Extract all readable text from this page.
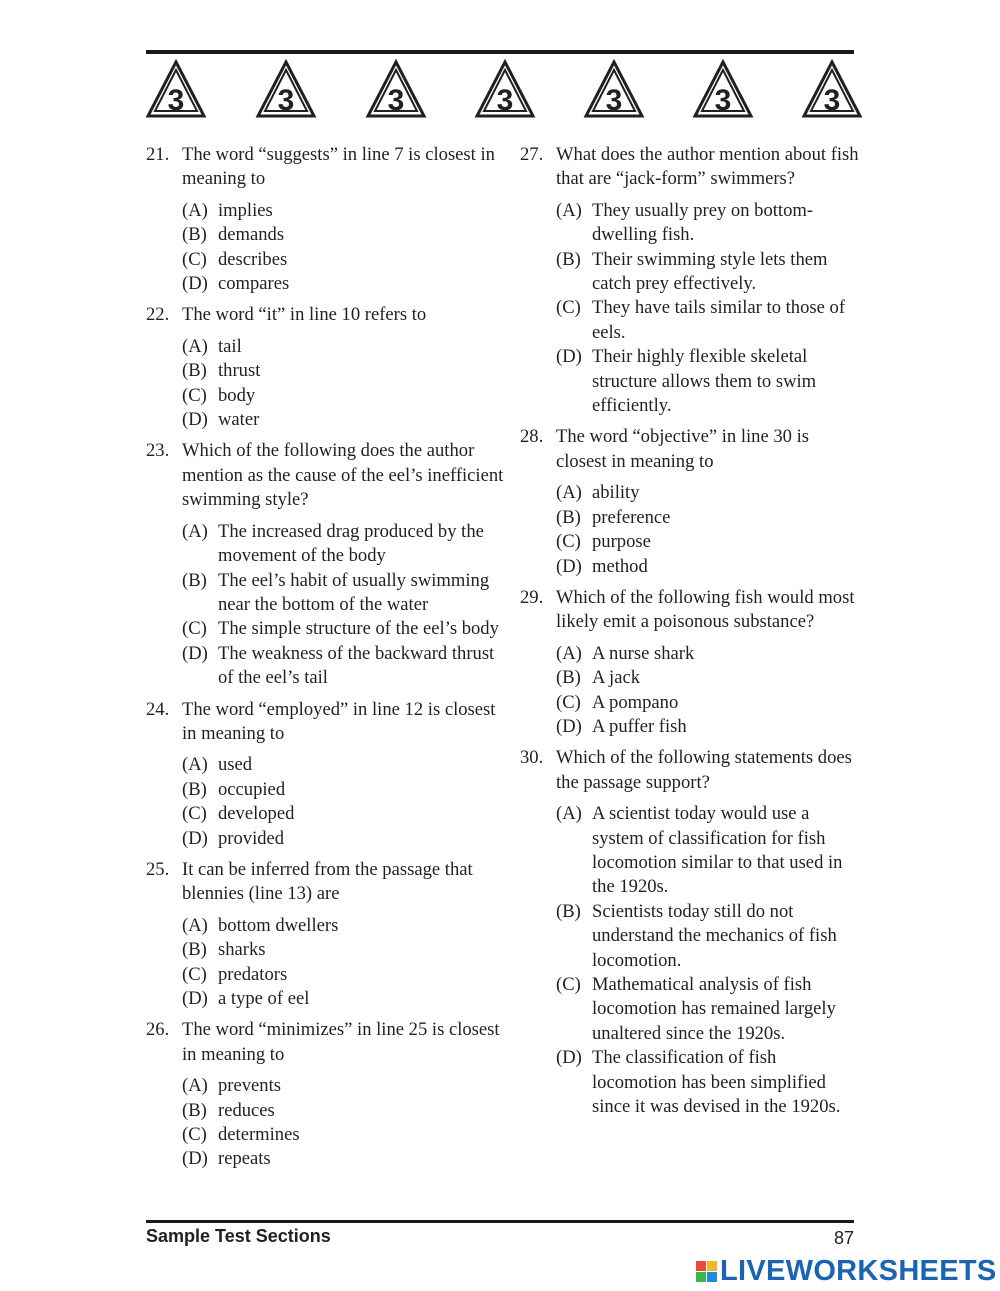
3	3	3	3	3	3	3
21. The word “suggests” in line 7 is closest in meaning to
(A) implies
(B) demands
(C) describes
(D) compares
22. The word “it” in line 10 refers to
(A) tail
(B) thrust
(C) body
(D) water
23. Which of the following does the author mention as the cause of the eel’s inefficient swimming style?
(A) The increased drag produced by the movement of the body
(B) The eel’s habit of usually swimming near the bottom of the water
(C) The simple structure of the eel’s body
(D) The weakness of the backward thrust of the eel’s tail
24. The word “employed” in line 12 is closest in meaning to
(A) used
(B) occupied
(C) developed
(D) provided
25. It can be inferred from the passage that blennies (line 13) are
(A) bottom dwellers
(B) sharks
(C) predators
(D) a type of eel
26. The word “minimizes” in line 25 is closest in meaning to
(A) prevents
(B) reduces
(C) determines
(D) repeats
27. What does the author mention about fish that are “jack-form” swimmers?
(A) They usually prey on bottom-dwelling fish.
(B) Their swimming style lets them catch prey effectively.
(C) They have tails similar to those of eels.
(D) Their highly flexible skeletal structure allows them to swim efficiently.
28. The word “objective” in line 30 is closest in meaning to
(A) ability
(B) preference
(C) purpose
(D) method
29. Which of the following fish would most likely emit a poisonous substance?
(A) A nurse shark
(B) A jack
(C) A pompano
(D) A puffer fish
30. Which of the following statements does the passage support?
(A) A scientist today would use a system of classification for fish locomotion similar to that used in the 1920s.
(B) Scientists today still do not understand the mechanics of fish locomotion.
(C) Mathematical analysis of fish locomotion has remained largely unaltered since the 1920s.
(D) The classification of fish locomotion has been simplified since it was devised in the 1920s.
Sample Test Sections	87
LIVEWORKSHEETS
